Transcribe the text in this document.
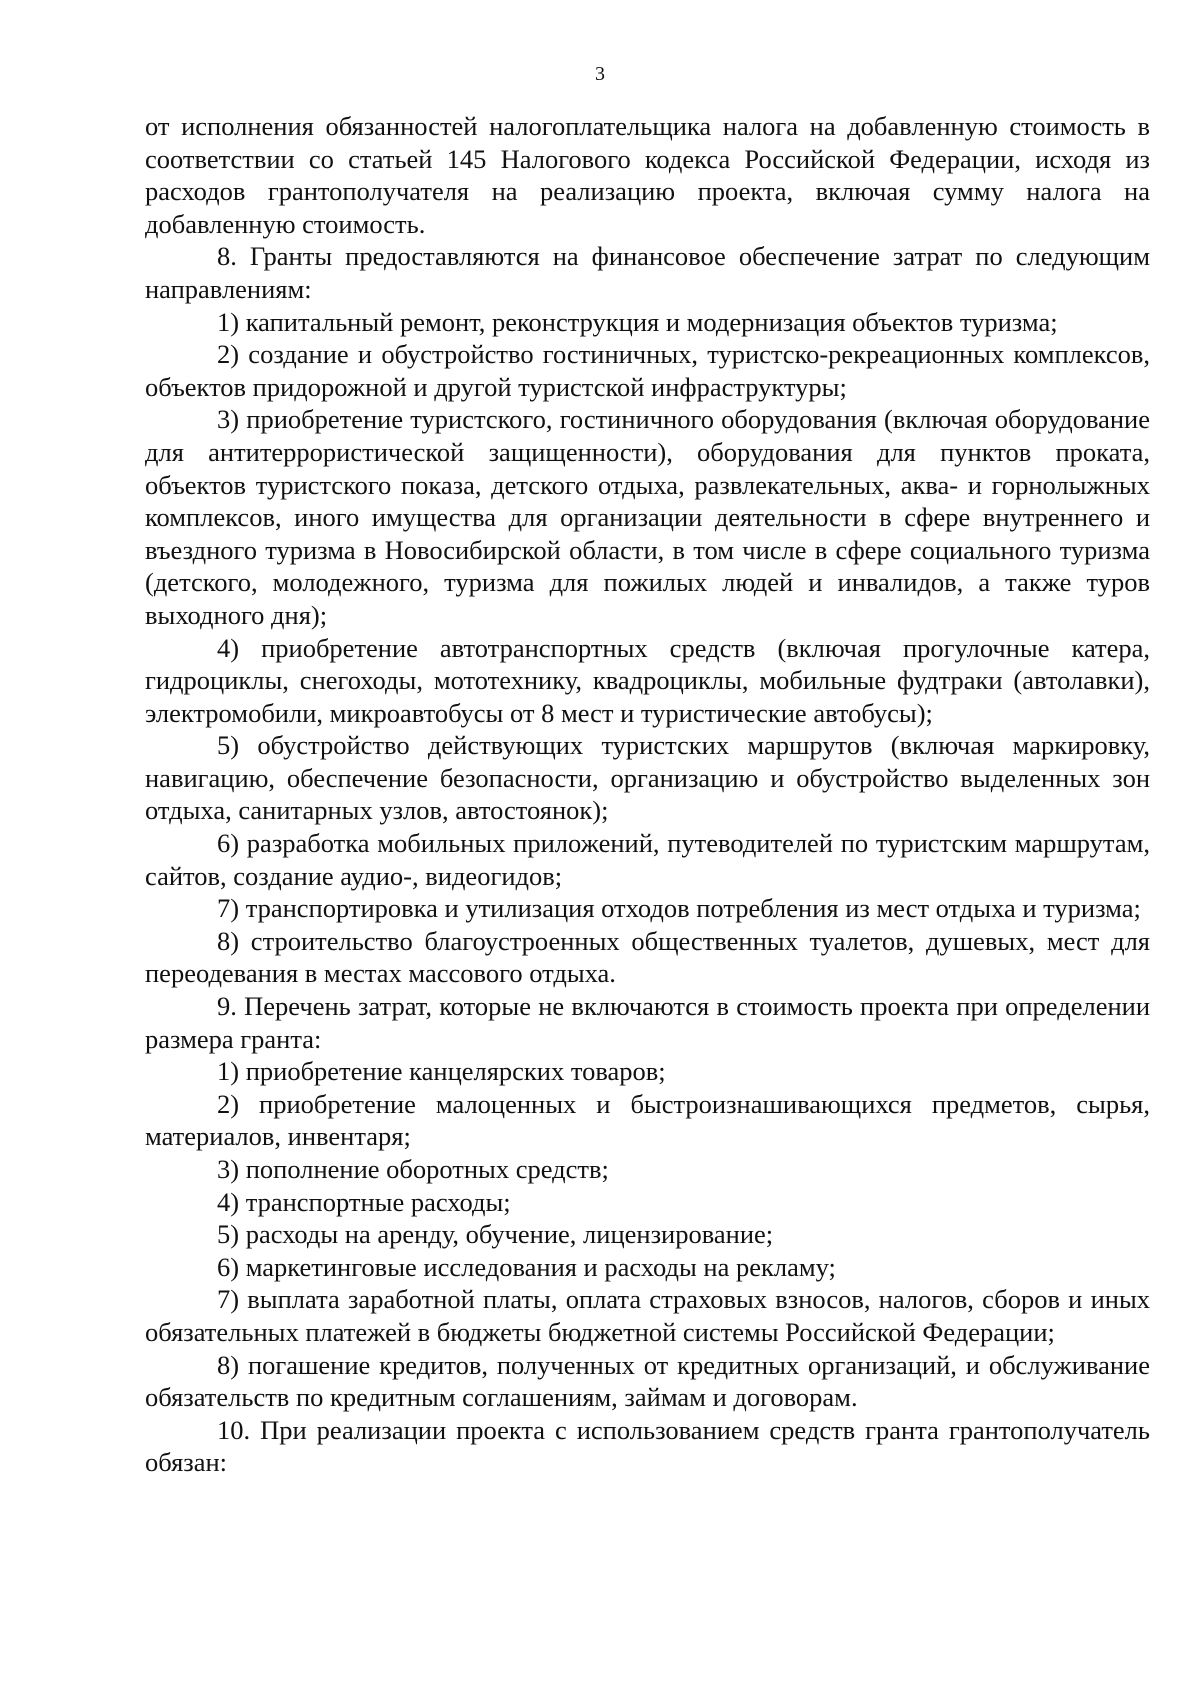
3

от исполнения обязанностей налогоплательщика налога на добавленную стоимость в соответствии со статьей 145 Налогового кодекса Российской Федерации, исходя из расходов грантополучателя на реализацию проекта, включая сумму налога на добавленную стоимость.

8. Гранты предоставляются на финансовое обеспечение затрат по следующим направлениям:

1) капитальный ремонт, реконструкция и модернизация объектов туризма;

2) создание и обустройство гостиничных, туристско-рекреационных комплексов, объектов придорожной и другой туристской инфраструктуры;

3) приобретение туристского, гостиничного оборудования (включая оборудование для антитеррористической защищенности), оборудования для пунктов проката, объектов туристского показа, детского отдыха, развлекательных, аква- и горнолыжных комплексов, иного имущества для организации деятельности в сфере внутреннего и въездного туризма в Новосибирской области, в том числе в сфере социального туризма (детского, молодежного, туризма для пожилых людей и инвалидов, а также туров выходного дня);

4) приобретение автотранспортных средств (включая прогулочные катера, гидроциклы, снегоходы, мототехнику, квадроциклы, мобильные фудтраки (автолавки), электромобили, микроавтобусы от 8 мест и туристические автобусы);

5) обустройство действующих туристских маршрутов (включая маркировку, навигацию, обеспечение безопасности, организацию и обустройство выделенных зон отдыха, санитарных узлов, автостоянок);

6) разработка мобильных приложений, путеводителей по туристским маршрутам, сайтов, создание аудио-, видеогидов;

7) транспортировка и утилизация отходов потребления из мест отдыха и туризма;

8) строительство благоустроенных общественных туалетов, душевых, мест для переодевания в местах массового отдыха.

9. Перечень затрат, которые не включаются в стоимость проекта при определении размера гранта:

1) приобретение канцелярских товаров;

2) приобретение малоценных и быстроизнашивающихся предметов, сырья, материалов, инвентаря;

3) пополнение оборотных средств;

4) транспортные расходы;

5) расходы на аренду, обучение, лицензирование;

6) маркетинговые исследования и расходы на рекламу;

7) выплата заработной платы, оплата страховых взносов, налогов, сборов и иных обязательных платежей в бюджеты бюджетной системы Российской Федерации;

8) погашение кредитов, полученных от кредитных организаций, и обслуживание обязательств по кредитным соглашениям, займам и договорам.

10. При реализации проекта с использованием средств гранта грантополучатель обязан:
